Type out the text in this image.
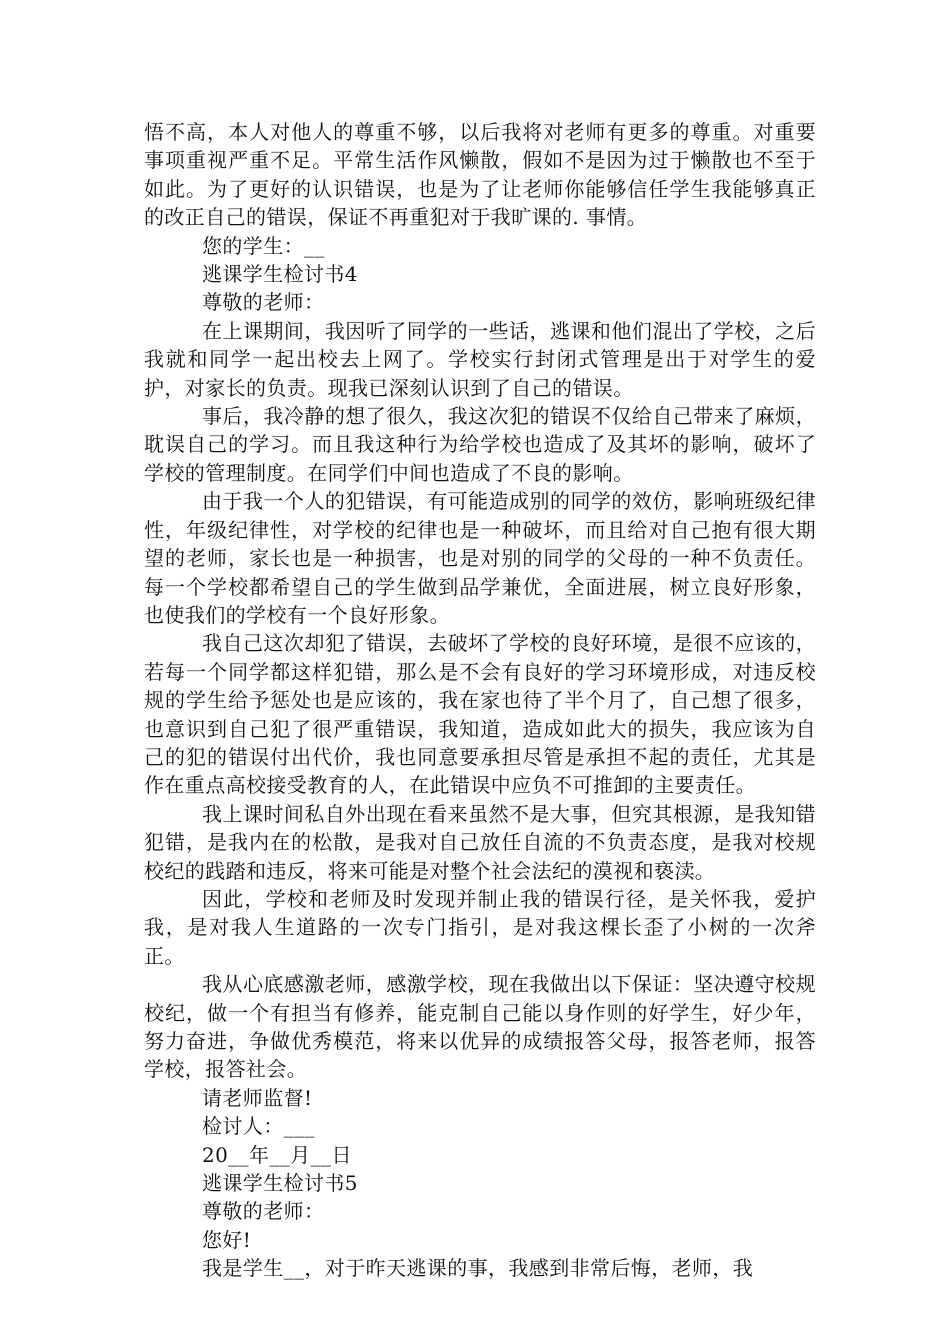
悟不高，本人对他人的尊重不够，以后我将对老师有更多的尊重。对重要事项重视严重不足。平常生活作风懒散，假如不是因为过于懒散也不至于如此。为了更好的认识错误，也是为了让老师你能够信任学生我能够真正的改正自己的错误，保证不再重犯对于我旷课的. 事情。

您的学生：__

逃课学生检讨书4

尊敬的老师：

在上课期间，我因听了同学的一些话，逃课和他们混出了学校，之后我就和同学一起出校去上网了。学校实行封闭式管理是出于对学生的爱护，对家长的负责。现我已深刻认识到了自己的错误。

事后，我冷静的想了很久，我这次犯的错误不仅给自己带来了麻烦，耽误自己的学习。而且我这种行为给学校也造成了及其坏的影响，破坏了学校的管理制度。在同学们中间也造成了不良的影响。

由于我一个人的犯错误，有可能造成别的同学的效仿，影响班级纪律性，年级纪律性，对学校的纪律也是一种破坏，而且给对自己抱有很大期望的老师，家长也是一种损害，也是对别的同学的父母的一种不负责任。每一个学校都希望自己的学生做到品学兼优，全面进展，树立良好形象，也使我们的学校有一个良好形象。

我自己这次却犯了错误，去破坏了学校的良好环境，是很不应该的，若每一个同学都这样犯错，那么是不会有良好的学习环境形成，对违反校规的学生给予惩处也是应该的，我在家也待了半个月了，自己想了很多，也意识到自己犯了很严重错误，我知道，造成如此大的损失，我应该为自己的犯的错误付出代价，我也同意要承担尽管是承担不起的责任，尤其是作在重点高校接受教育的人，在此错误中应负不可推卸的主要责任。

我上课时间私自外出现在看来虽然不是大事，但究其根源，是我知错犯错，是我内在的松散，是我对自己放任自流的不负责态度，是我对校规校纪的践踏和违反，将来可能是对整个社会法纪的漠视和亵渎。

因此，学校和老师及时发现并制止我的错误行径，是关怀我，爱护我，是对我人生道路的一次专门指引，是对我这棵长歪了小树的一次斧正。

我从心底感激老师，感激学校，现在我做出以下保证：坚决遵守校规校纪，做一个有担当有修养，能克制自己能以身作则的好学生，好少年，努力奋进，争做优秀模范，将来以优异的成绩报答父母，报答老师，报答学校，报答社会。

请老师监督!

检讨人：___

20__年__月__日

逃课学生检讨书5

尊敬的老师：

您好!

我是学生__，对于昨天逃课的事，我感到非常后悔，老师，我
